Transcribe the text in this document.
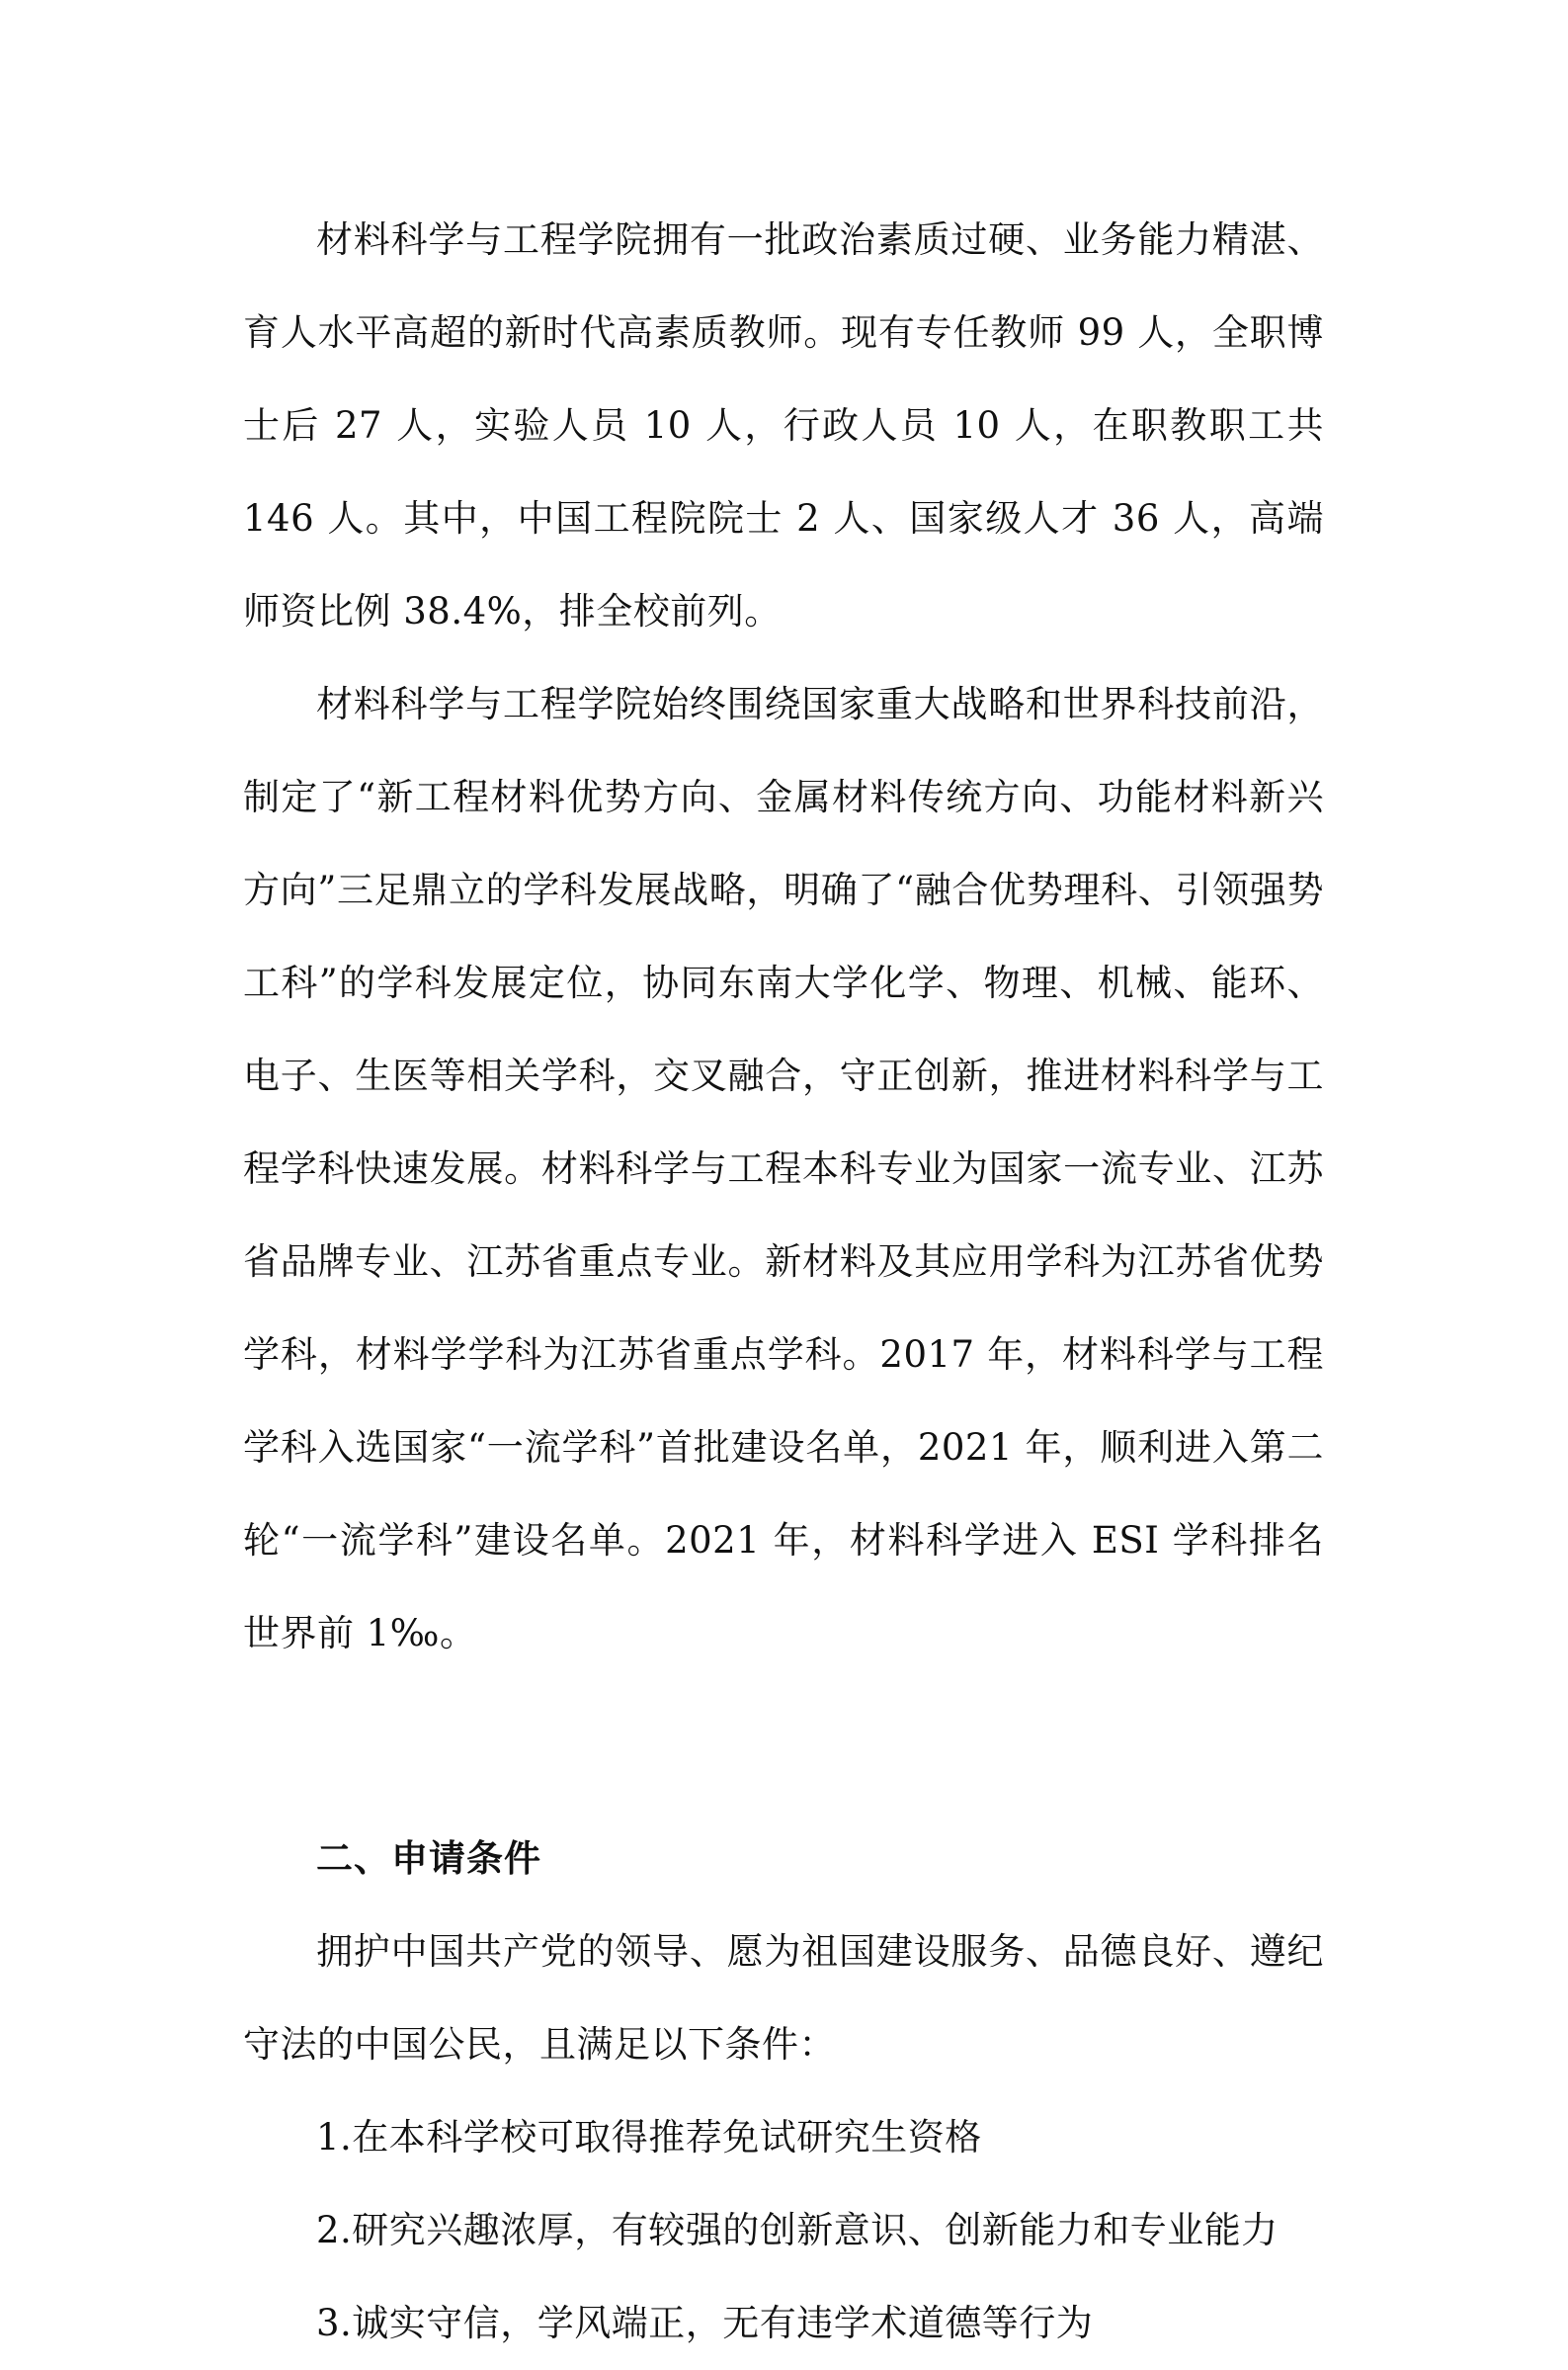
材料科学与工程学院拥有一批政治素质过硬、业务能力精湛、育人水平高超的新时代高素质教师。现有专任教师 99 人，全职博士后 27 人，实验人员 10 人，行政人员 10 人，在职教职工共 146 人。其中，中国工程院院士 2 人、国家级人才 36 人，高端师资比例 38.4%，排全校前列。

材料科学与工程学院始终围绕国家重大战略和世界科技前沿，制定了“新工程材料优势方向、金属材料传统方向、功能材料新兴方向”三足鼎立的学科发展战略，明确了“融合优势理科、引领强势工科”的学科发展定位，协同东南大学化学、物理、机械、能环、电子、生医等相关学科，交叉融合，守正创新，推进材料科学与工程学科快速发展。材料科学与工程本科专业为国家一流专业、江苏省品牌专业、江苏省重点专业。新材料及其应用学科为江苏省优势学科，材料学学科为江苏省重点学科。2017 年，材料科学与工程学科入选国家“一流学科”首批建设名单，2021 年，顺利进入第二轮“一流学科”建设名单。2021 年，材料科学进入 ESI 学科排名世界前 1‰。

二、申请条件

拥护中国共产党的领导、愿为祖国建设服务、品德良好、遵纪守法的中国公民，且满足以下条件：

1.在本科学校可取得推荐免试研究生资格

2.研究兴趣浓厚，有较强的创新意识、创新能力和专业能力

3.诚实守信，学风端正，无有违学术道德等行为
